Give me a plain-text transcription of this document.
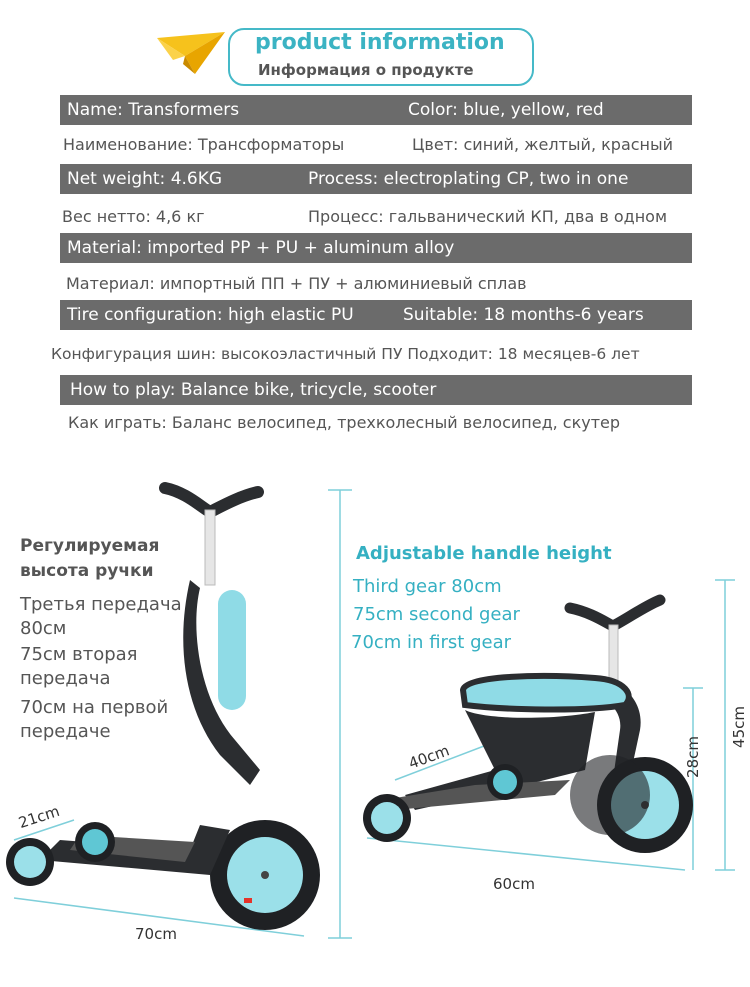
product information
Информация о продукте
Name: Transformers	Color: blue, yellow, red
Наименование: Трансформаторы	Цвет: синий, желтый, красный
Net weight: 4.6KG	Process: electroplating CP, two in one
Вес нетто: 4,6 кг	Процесс: гальванический КП, два в одном
Material: imported PP + PU + aluminum alloy
Материал: импортный ПП + ПУ + алюминиевый сплав
Tire configuration: high elastic PU	Suitable: 18 months-6 years
Конфигурация шин: высокоэластичный ПУ Подходит: 18 месяцев-6 лет
How to play: Balance bike, tricycle, scooter
Как играть: Баланс велосипед, трехколесный велосипед, скутер
Регулируемая
высота ручки
Третья передача
80см
75см вторая
передача
70см на первой
передаче
Adjustable handle height
Third gear 80cm
75cm second gear
70cm in first gear
21cm
70cm
40cm
60cm
28cm
45cm
